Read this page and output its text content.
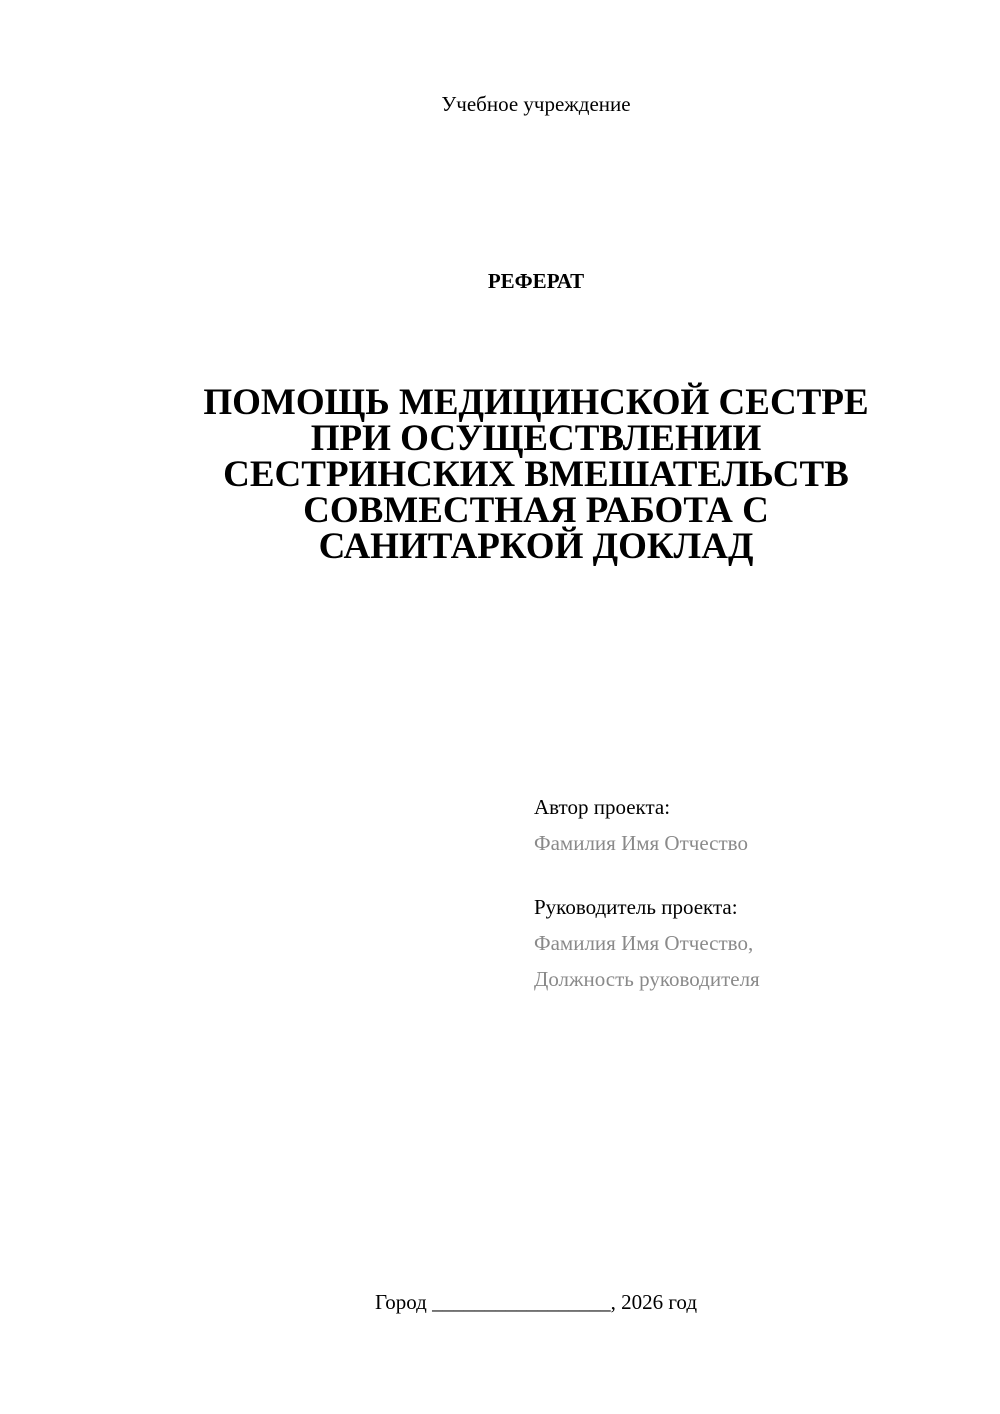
Учебное учреждение
РЕФЕРАТ
ПОМОЩЬ МЕДИЦИНСКОЙ СЕСТРЕ
ПРИ ОСУЩЕСТВЛЕНИИ
СЕСТРИНСКИХ ВМЕШАТЕЛЬСТВ
СОВМЕСТНАЯ РАБОТА С
САНИТАРКОЙ ДОКЛАД
Автор проекта:
Фамилия Имя Отчество
Руководитель проекта:
Фамилия Имя Отчество,
Должность руководителя
Город _________________, 2026 год
